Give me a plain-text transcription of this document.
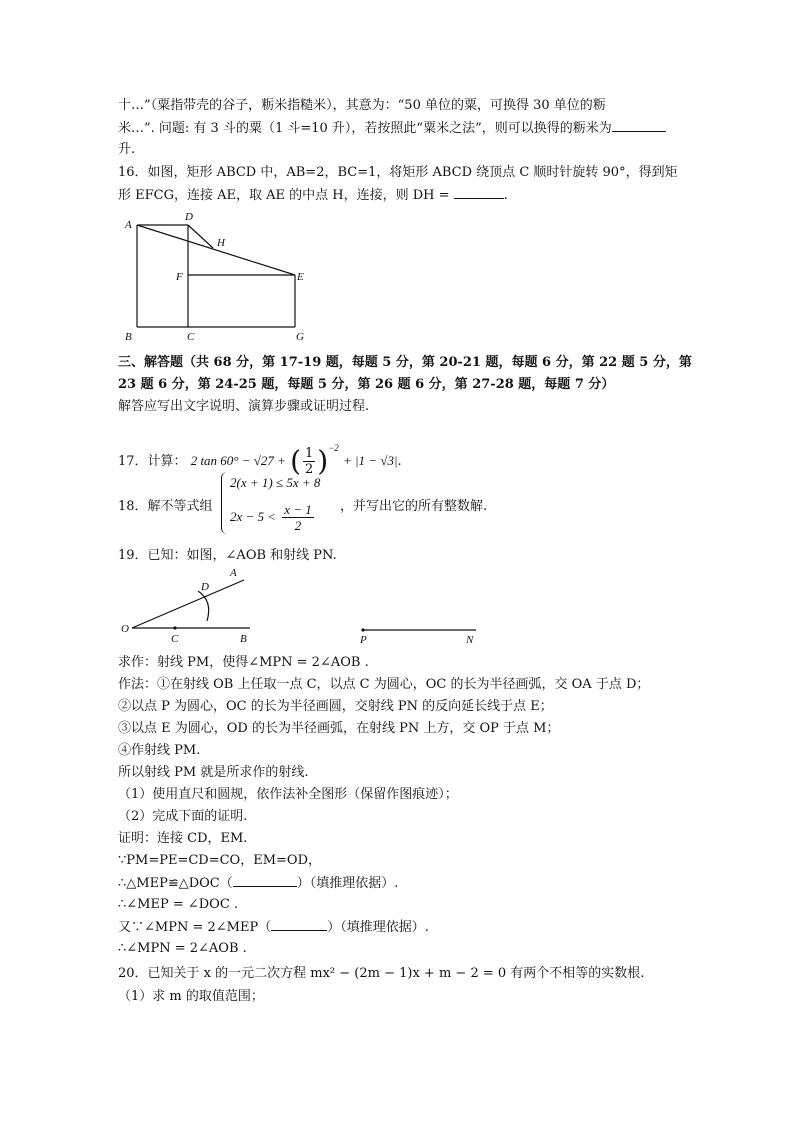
十…”（粟指带壳的谷子，粝米指糙米），其意为：“50 单位的粟，可换得 30 单位的粝
米…”. 问题: 有 3 斗的粟（1 斗=10 升），若按照此“粟米之法”，则可以换得的粝米为
升.
16．如图，矩形 ABCD 中，AB=2，BC=1，将矩形 ABCD 绕顶点 C 顺时针旋转 90°，得到矩
形 EFCG，连接 AE，取 AE 的中点 H，连接，则 DH =	.
A
D
H
F	E
B	C	G
三、解答题（共 68 分，第 17-19 题，每题 5 分，第 20-21 题，每题 6 分，第 22 题 5 分，第
23 题 6 分，第 24-25 题，每题 5 分，第 26 题 6 分，第 27-28 题，每题 7 分）
解答应写出文字说明、演算步骤或证明过程.
17．计算： 2 tan 60° − √27 + ( $\frac{1}{2} )^{-2} + |1 - √3|$.
18．解不等式组
2(x + 1) ≤ 5x + 8
$2x - 5 < \frac{x - 1}{2}$ ，并写出它的所有整数解.
19．已知：如图，∠AOB 和射线 PN.
A
D
O
C	B	P	N
求作：射线 PM，使得∠MPN = 2∠AOB .
作法：①在射线 OB 上任取一点 C，以点 C 为圆心，OC 的长为半径画弧，交 OA 于点 D；
②以点 P 为圆心，OC 的长为半径画圆，交射线 PN 的反向延长线于点 E；
③以点 E 为圆心，OD 的长为半径画弧，在射线 PN 上方，交 OP 于点 M；
④作射线 PM.
所以射线 PM 就是所求作的射线.
（1）使用直尺和圆规，依作法补全图形（保留作图痕迹）；
（2）完成下面的证明.
证明：连接 CD，EM.
∵PM=PE=CD=CO，EM=OD，
∴△MEP≌△DOC（	）（填推理依据）.
∴∠MEP = ∠DOC .
又∵∠MPN = 2∠MEP（	）（填推理依据）.
∴∠MPN = 2∠AOB .
20．已知关于 x 的一元二次方程 mx² − (2m − 1)x + m − 2 = 0 有两个不相等的实数根.
（1）求 m 的取值范围；
